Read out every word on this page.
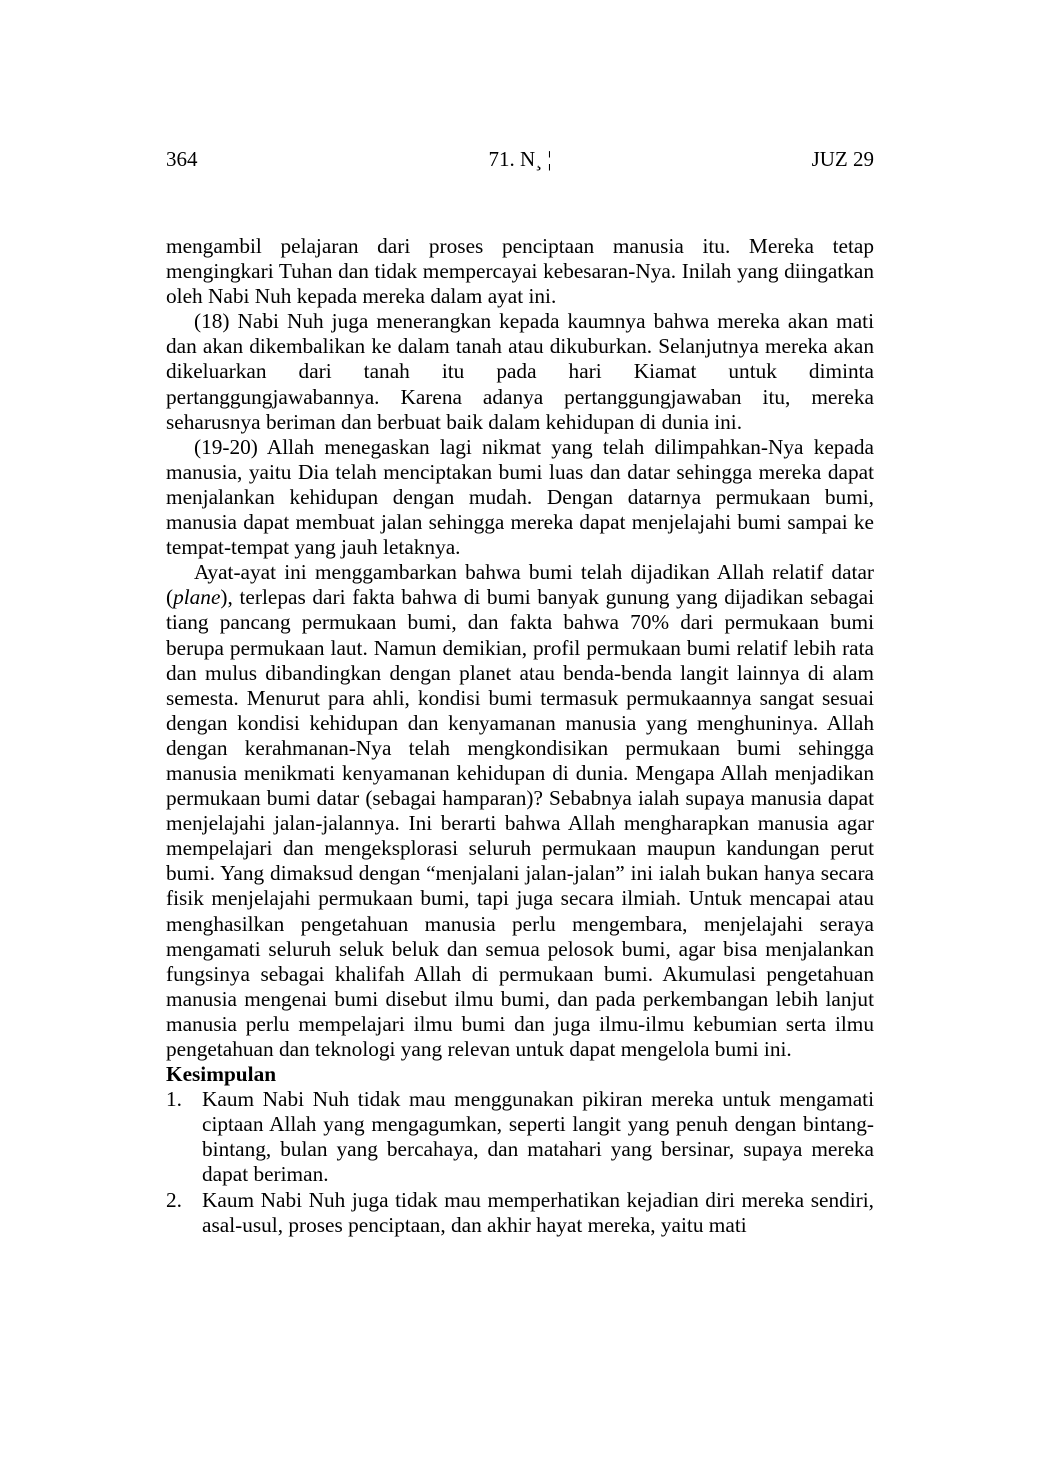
364	71. N¸ ¦	JUZ 29

mengambil pelajaran dari proses penciptaan manusia itu. Mereka tetap mengingkari Tuhan dan tidak mempercayai kebesaran-Nya. Inilah yang diingatkan oleh Nabi Nuh kepada mereka dalam ayat ini.

(18) Nabi Nuh juga menerangkan kepada kaumnya bahwa mereka akan mati dan akan dikembalikan ke dalam tanah atau dikuburkan. Selanjutnya mereka akan dikeluarkan dari tanah itu pada hari Kiamat untuk diminta pertanggungjawabannya. Karena adanya pertanggungjawaban itu, mereka seharusnya beriman dan berbuat baik dalam kehidupan di dunia ini.

(19-20) Allah menegaskan lagi nikmat yang telah dilimpahkan-Nya kepada manusia, yaitu Dia telah menciptakan bumi luas dan datar sehingga mereka dapat menjalankan kehidupan dengan mudah. Dengan datarnya permukaan bumi, manusia dapat membuat jalan sehingga mereka dapat menjelajahi bumi sampai ke tempat-tempat yang jauh letaknya.

Ayat-ayat ini menggambarkan bahwa bumi telah dijadikan Allah relatif datar (plane), terlepas dari fakta bahwa di bumi banyak gunung yang dijadikan sebagai tiang pancang permukaan bumi, dan fakta bahwa 70% dari permukaan bumi berupa permukaan laut. Namun demikian, profil permukaan bumi relatif lebih rata dan mulus dibandingkan dengan planet atau benda-benda langit lainnya di alam semesta. Menurut para ahli, kondisi bumi termasuk permukaannya sangat sesuai dengan kondisi kehidupan dan kenyamanan manusia yang menghuninya. Allah dengan kerahmanan-Nya telah mengkondisikan permukaan bumi sehingga manusia menikmati kenyamanan kehidupan di dunia. Mengapa Allah menjadikan permukaan bumi datar (sebagai hamparan)? Sebabnya ialah supaya manusia dapat menjelajahi jalan-jalannya. Ini berarti bahwa Allah mengharapkan manusia agar mempelajari dan mengeksplorasi seluruh permukaan maupun kandungan perut bumi. Yang dimaksud dengan “menjalani jalan-jalan” ini ialah bukan hanya secara fisik menjelajahi permukaan bumi, tapi juga secara ilmiah. Untuk mencapai atau menghasilkan pengetahuan manusia perlu mengembara, menjelajahi seraya mengamati seluruh seluk beluk dan semua pelosok bumi, agar bisa menjalankan fungsinya sebagai khalifah Allah di permukaan bumi. Akumulasi pengetahuan manusia mengenai bumi disebut ilmu bumi, dan pada perkembangan lebih lanjut manusia perlu mempelajari ilmu bumi dan juga ilmu-ilmu kebumian serta ilmu pengetahuan dan teknologi yang relevan untuk dapat mengelola bumi ini.

Kesimpulan

1. Kaum Nabi Nuh tidak mau menggunakan pikiran mereka untuk mengamati ciptaan Allah yang mengagumkan, seperti langit yang penuh dengan bintang-bintang, bulan yang bercahaya, dan matahari yang bersinar, supaya mereka dapat beriman.
2. Kaum Nabi Nuh juga tidak mau memperhatikan kejadian diri mereka sendiri, asal-usul, proses penciptaan, dan akhir hayat mereka, yaitu mati
